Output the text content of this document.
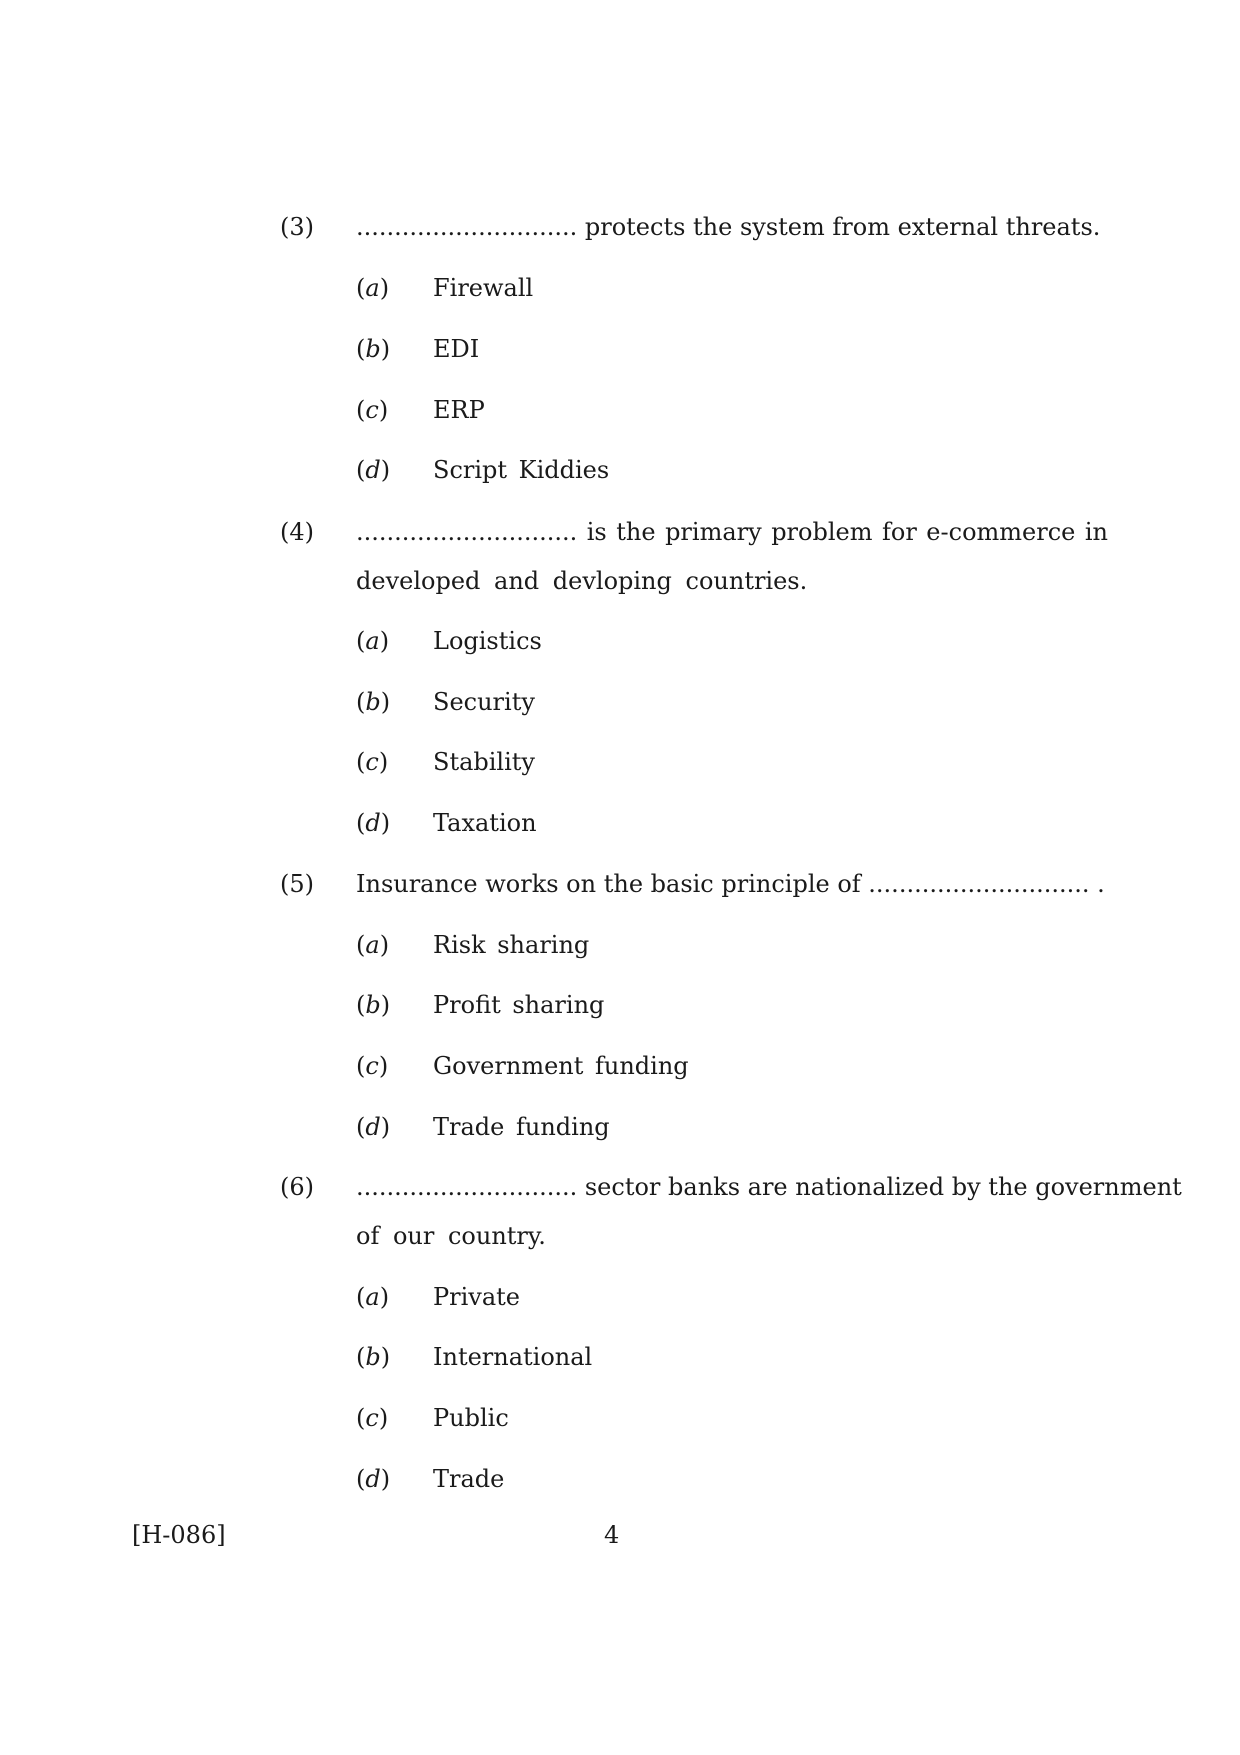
(3) ............................. protects the system from external threats.
(a) Firewall
(b) EDI
(c) ERP
(d) Script Kiddies
(4) ............................. is the primary problem for e-commerce in
developed and devloping countries.
(a) Logistics
(b) Security
(c) Stability
(d) Taxation
(5) Insurance works on the basic principle of ............................. .
(a) Risk sharing
(b) Profit sharing
(c) Government funding
(d) Trade funding
(6) ............................. sector banks are nationalized by the government
of our country.
(a) Private
(b) International
(c) Public
(d) Trade
[H-086]	4
